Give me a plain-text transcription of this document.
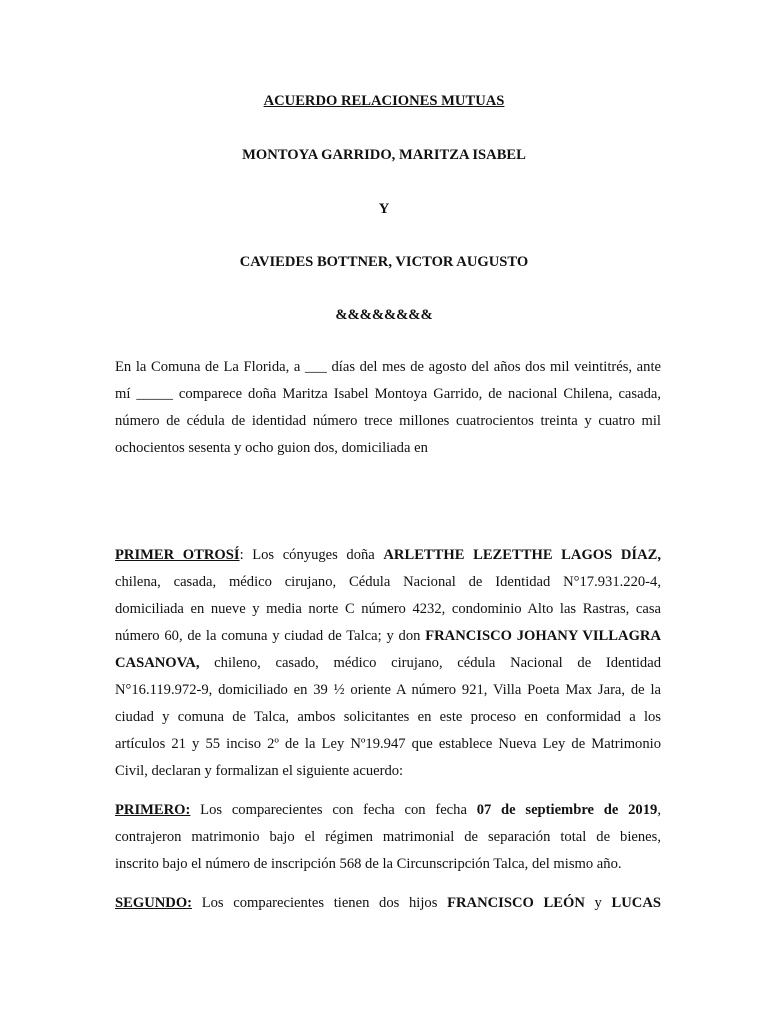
ACUERDO RELACIONES MUTUAS
MONTOYA GARRIDO, MARITZA ISABEL
Y
CAVIEDES BOTTNER, VICTOR AUGUSTO
&&&&&&&&
En la Comuna de La Florida, a ___ días del mes de agosto del años dos mil veintitrés, ante
mí _____ comparece doña Maritza Isabel Montoya Garrido, de nacional Chilena, casada,
número de cédula de identidad número trece millones cuatrocientos treinta y cuatro mil
ochocientos sesenta y ocho guion dos, domiciliada en
PRIMER OTROSÍ: Los cónyuges doña ARLETTHE LEZETTHE LAGOS DÍAZ,
chilena, casada, médico cirujano, Cédula Nacional de Identidad N°17.931.220-4,
domiciliada en nueve y media norte C número 4232, condominio Alto las Rastras, casa
número 60, de la comuna y ciudad de Talca; y don FRANCISCO JOHANY VILLAGRA
CASANOVA, chileno, casado, médico cirujano, cédula Nacional de Identidad
N°16.119.972-9, domiciliado en 39 ½ oriente A número 921, Villa Poeta Max Jara, de la
ciudad y comuna de Talca, ambos solicitantes en este proceso en conformidad a los
artículos 21 y 55 inciso 2º de la Ley Nº19.947 que establece Nueva Ley de Matrimonio
Civil, declaran y formalizan el siguiente acuerdo:
PRIMERO: Los comparecientes con fecha con fecha 07 de septiembre de 2019,
contrajeron matrimonio bajo el régimen matrimonial de separación total de bienes,
inscrito bajo el número de inscripción 568 de la Circunscripción Talca, del mismo año.
SEGUNDO: Los comparecientes tienen dos hijos FRANCISCO LEÓN y LUCAS
